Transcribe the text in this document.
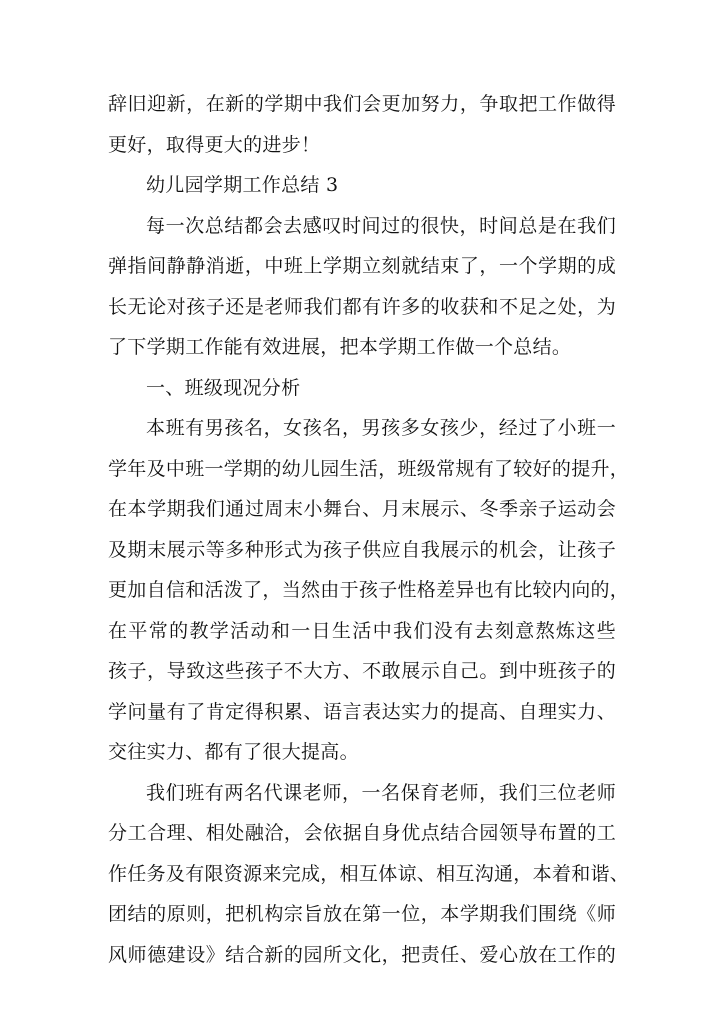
辞旧迎新，在新的学期中我们会更加努力，争取把工作做得
更好，取得更大的进步！
幼儿园学期工作总结 3
每一次总结都会去感叹时间过的很快，时间总是在我们
弹指间静静消逝，中班上学期立刻就结束了，一个学期的成
长无论对孩子还是老师我们都有许多的收获和不足之处，为
了下学期工作能有效进展，把本学期工作做一个总结。
一、班级现况分析
本班有男孩名，女孩名，男孩多女孩少，经过了小班一
学年及中班一学期的幼儿园生活，班级常规有了较好的提升，
在本学期我们通过周末小舞台、月末展示、冬季亲子运动会
及期末展示等多种形式为孩子供应自我展示的机会，让孩子
更加自信和活泼了，当然由于孩子性格差异也有比较内向的，
在平常的教学活动和一日生活中我们没有去刻意熬炼这些
孩子，导致这些孩子不大方、不敢展示自己。到中班孩子的
学问量有了肯定得积累、语言表达实力的提高、自理实力、
交往实力、都有了很大提高。
我们班有两名代课老师，一名保育老师，我们三位老师
分工合理、相处融洽，会依据自身优点结合园领导布置的工
作任务及有限资源来完成，相互体谅、相互沟通，本着和谐、
团结的原则，把机构宗旨放在第一位，本学期我们围绕《师
风师德建设》结合新的园所文化，把责任、爱心放在工作的
